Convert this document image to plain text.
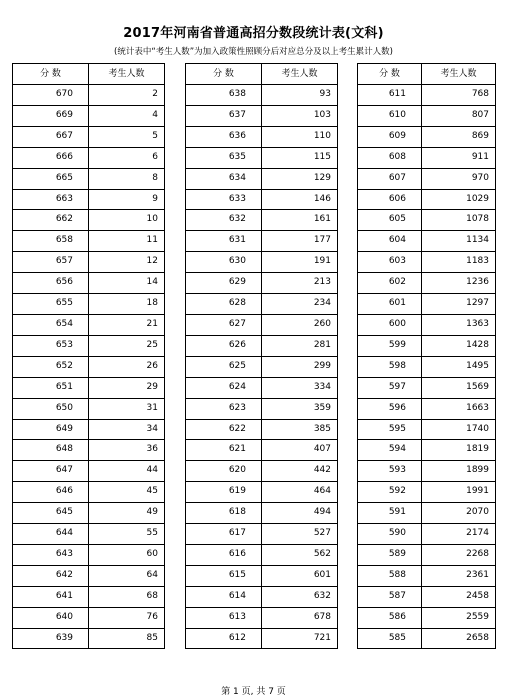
2017年河南省普通高招分数段统计表(文科)
(统计表中“考生人数”为加入政策性照顾分后对应总分及以上考生累计人数)
分 数	考生人数
670	2
669	4
667	5
666	6
665	8
663	9
662	10
658	11
657	12
656	14
655	18
654	21
653	25
652	26
651	29
650	31
649	34
648	36
647	44
646	45
645	49
644	55
643	60
642	64
641	68
640	76
639	85
分 数	考生人数
638	93
637	103
636	110
635	115
634	129
633	146
632	161
631	177
630	191
629	213
628	234
627	260
626	281
625	299
624	334
623	359
622	385
621	407
620	442
619	464
618	494
617	527
616	562
615	601
614	632
613	678
612	721
分 数	考生人数
611	768
610	807
609	869
608	911
607	970
606	1029
605	1078
604	1134
603	1183
602	1236
601	1297
600	1363
599	1428
598	1495
597	1569
596	1663
595	1740
594	1819
593	1899
592	1991
591	2070
590	2174
589	2268
588	2361
587	2458
586	2559
585	2658
第 1 页, 共 7 页
